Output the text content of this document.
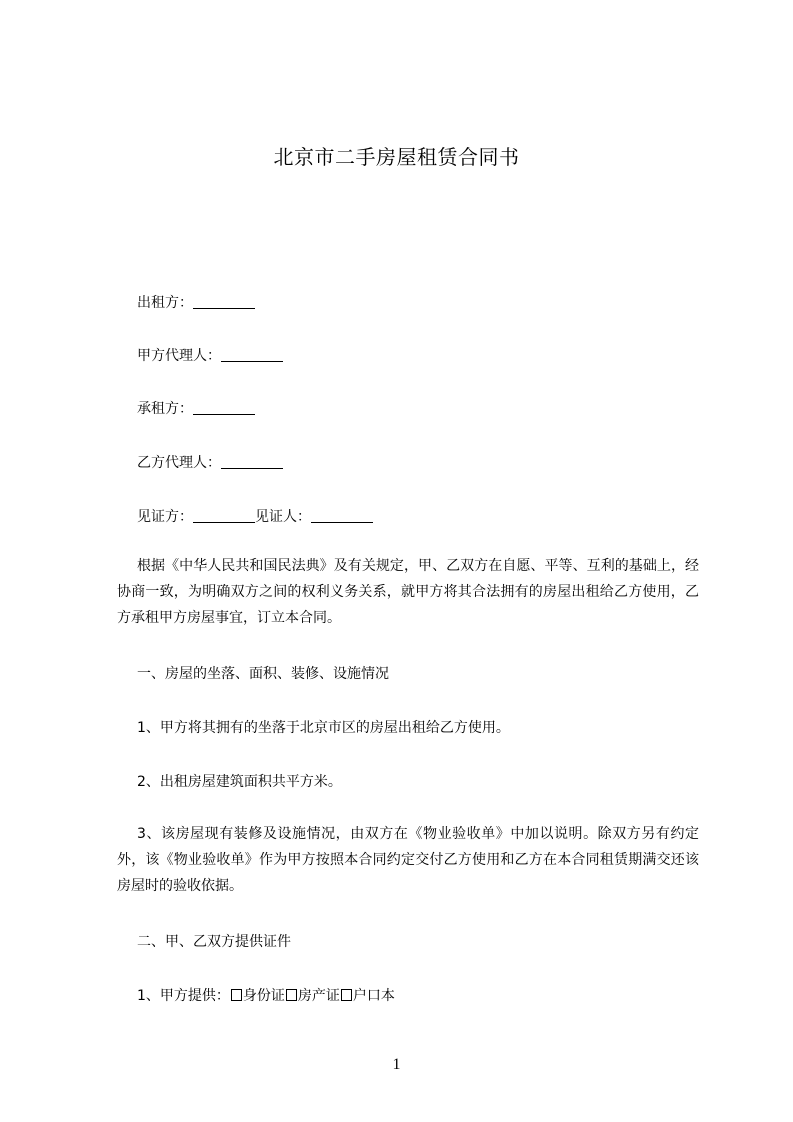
北京市二手房屋租赁合同书
出租方：
甲方代理人：
承租方：
乙方代理人：
见证方：	见证人：

根据《中华人民共和国民法典》及有关规定，甲、乙双方在自愿、平等、互利的基础上，经协商一致，为明确双方之间的权利义务关系，就甲方将其合法拥有的房屋出租给乙方使用，乙方承租甲方房屋事宜，订立本合同。

一、房屋的坐落、面积、装修、设施情况
1、甲方将其拥有的坐落于北京市区的房屋出租给乙方使用。
2、出租房屋建筑面积共平方米。

3、该房屋现有装修及设施情况，由双方在《物业验收单》中加以说明。除双方另有约定外，该《物业验收单》作为甲方按照本合同约定交付乙方使用和乙方在本合同租赁期满交还该房屋时的验收依据。

二、甲、乙双方提供证件
1、甲方提供： 身份证 房产证 户口本
1
